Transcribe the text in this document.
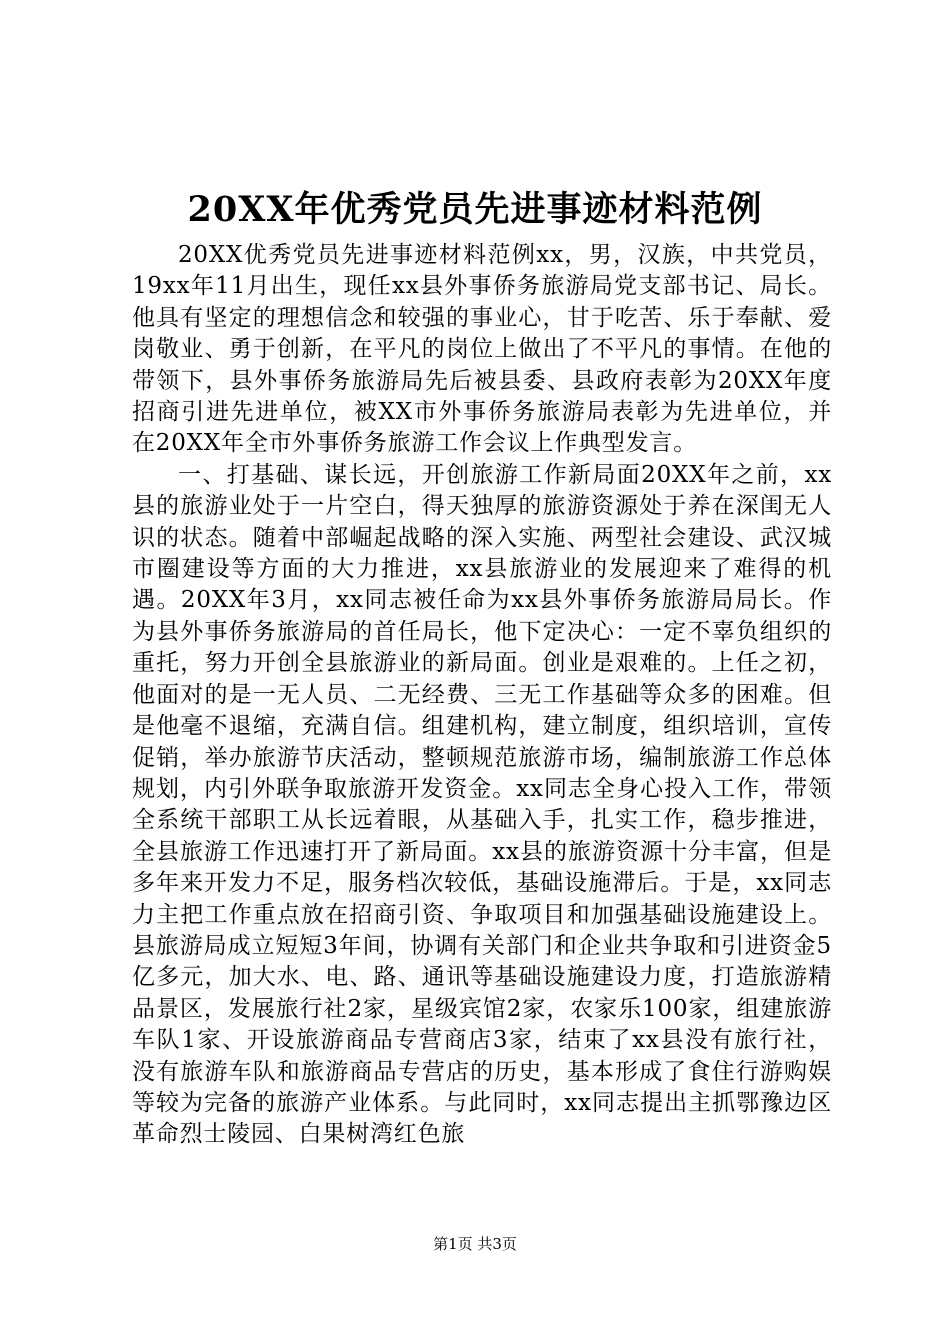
20XX年优秀党员先进事迹材料范例

20XX优秀党员先进事迹材料范例xx，男，汉族，中共党员，19xx年11月出生，现任xx县外事侨务旅游局党支部书记、局长。他具有坚定的理想信念和较强的事业心，甘于吃苦、乐于奉献、爱岗敬业、勇于创新，在平凡的岗位上做出了不平凡的事情。在他的带领下，县外事侨务旅游局先后被县委、县政府表彰为20XX年度招商引进先进单位，被XX市外事侨务旅游局表彰为先进单位，并在20XX年全市外事侨务旅游工作会议上作典型发言。

一、打基础、谋长远，开创旅游工作新局面20XX年之前，xx县的旅游业处于一片空白，得天独厚的旅游资源处于养在深闺无人识的状态。随着中部崛起战略的深入实施、两型社会建设、武汉城市圈建设等方面的大力推进，xx县旅游业的发展迎来了难得的机遇。20XX年3月，xx同志被任命为xx县外事侨务旅游局局长。作为县外事侨务旅游局的首任局长，他下定决心：一定不辜负组织的重托，努力开创全县旅游业的新局面。创业是艰难的。上任之初，他面对的是一无人员、二无经费、三无工作基础等众多的困难。但是他毫不退缩，充满自信。组建机构，建立制度，组织培训，宣传促销，举办旅游节庆活动，整顿规范旅游市场，编制旅游工作总体规划，内引外联争取旅游开发资金。xx同志全身心投入工作，带领全系统干部职工从长远着眼，从基础入手，扎实工作，稳步推进，全县旅游工作迅速打开了新局面。xx县的旅游资源十分丰富，但是多年来开发力不足，服务档次较低，基础设施滞后。于是，xx同志力主把工作重点放在招商引资、争取项目和加强基础设施建设上。县旅游局成立短短3年间，协调有关部门和企业共争取和引进资金5亿多元，加大水、电、路、通讯等基础设施建设力度，打造旅游精品景区，发展旅行社2家，星级宾馆2家，农家乐100家，组建旅游车队1家、开设旅游商品专营商店3家，结束了xx县没有旅行社，没有旅游车队和旅游商品专营店的历史，基本形成了食住行游购娱等较为完备的旅游产业体系。与此同时，xx同志提出主抓鄂豫边区革命烈士陵园、白果树湾红色旅

第1页 共3页
